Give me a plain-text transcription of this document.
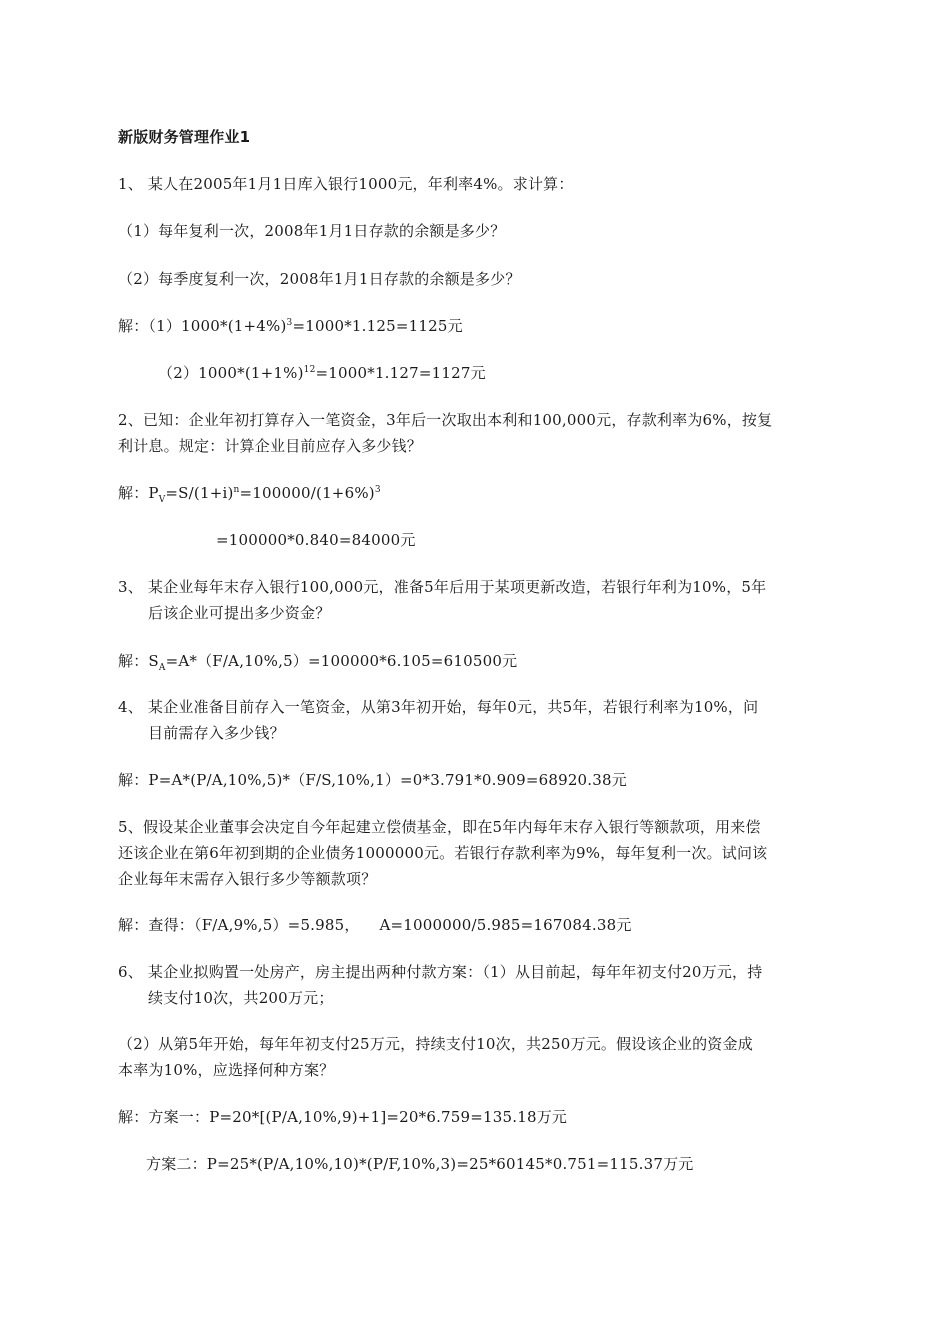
新版财务管理作业1
1、 某人在2005年1月1日库入银行1000元，年利率4%。求计算：
（1）每年复利一次，2008年1月1日存款的余额是多少？
（2）每季度复利一次，2008年1月1日存款的余额是多少？
解：$(1)1000*(1+4\%)^3=1000*1.125=1125$元
$(2)1000*(1+1\%)^{12}=1000*1.127=1127$元
2、已知：企业年初打算存入一笔资金，3年后一次取出本利和100,000元，存款利率为6%，按复
利计息。规定：计算企业目前应存入多少钱？
解：$P_V=S/(1+i)^n=100000/(1+6\%)^3$
=100000*0.840=84000元
3、 某企业每年末存入银行100,000元，准备5年后用于某项更新改造，若银行年利为10%，5年
后该企业可提出多少资金？
解：$S_A=A*(F/A,10\%,5)=100000*6.105=610500$元
4、 某企业准备目前存入一笔资金，从第3年初开始，每年0元，共5年，若银行利率为10%，问
目前需存入多少钱？
解：P=A*(P/A,10%,5)*（F/S,10%,1）=0*3.791*0.909=68920.38元
5、假设某企业董事会决定自今年起建立偿债基金，即在5年内每年末存入银行等额款项，用来偿
还该企业在第6年初到期的企业债务1000000元。若银行存款利率为9%，每年复利一次。试问该
企业每年末需存入银行多少等额款项？
解：查得：（F/A,9%,5）=5.985，    A=1000000/5.985=167084.38元
6、 某企业拟购置一处房产，房主提出两种付款方案：（1）从目前起，每年年初支付20万元，持
续支付10次，共200万元；
（2）从第5年开始，每年年初支付25万元，持续支付10次，共250万元。假设该企业的资金成
本率为10%，应选择何种方案？
解：方案一：P=20*[(P/A,10%,9)+1]=20*6.759=135.18万元
方案二：P=25*(P/A,10%,10)*(P/F,10%,3)=25*60145*0.751=115.37万元
